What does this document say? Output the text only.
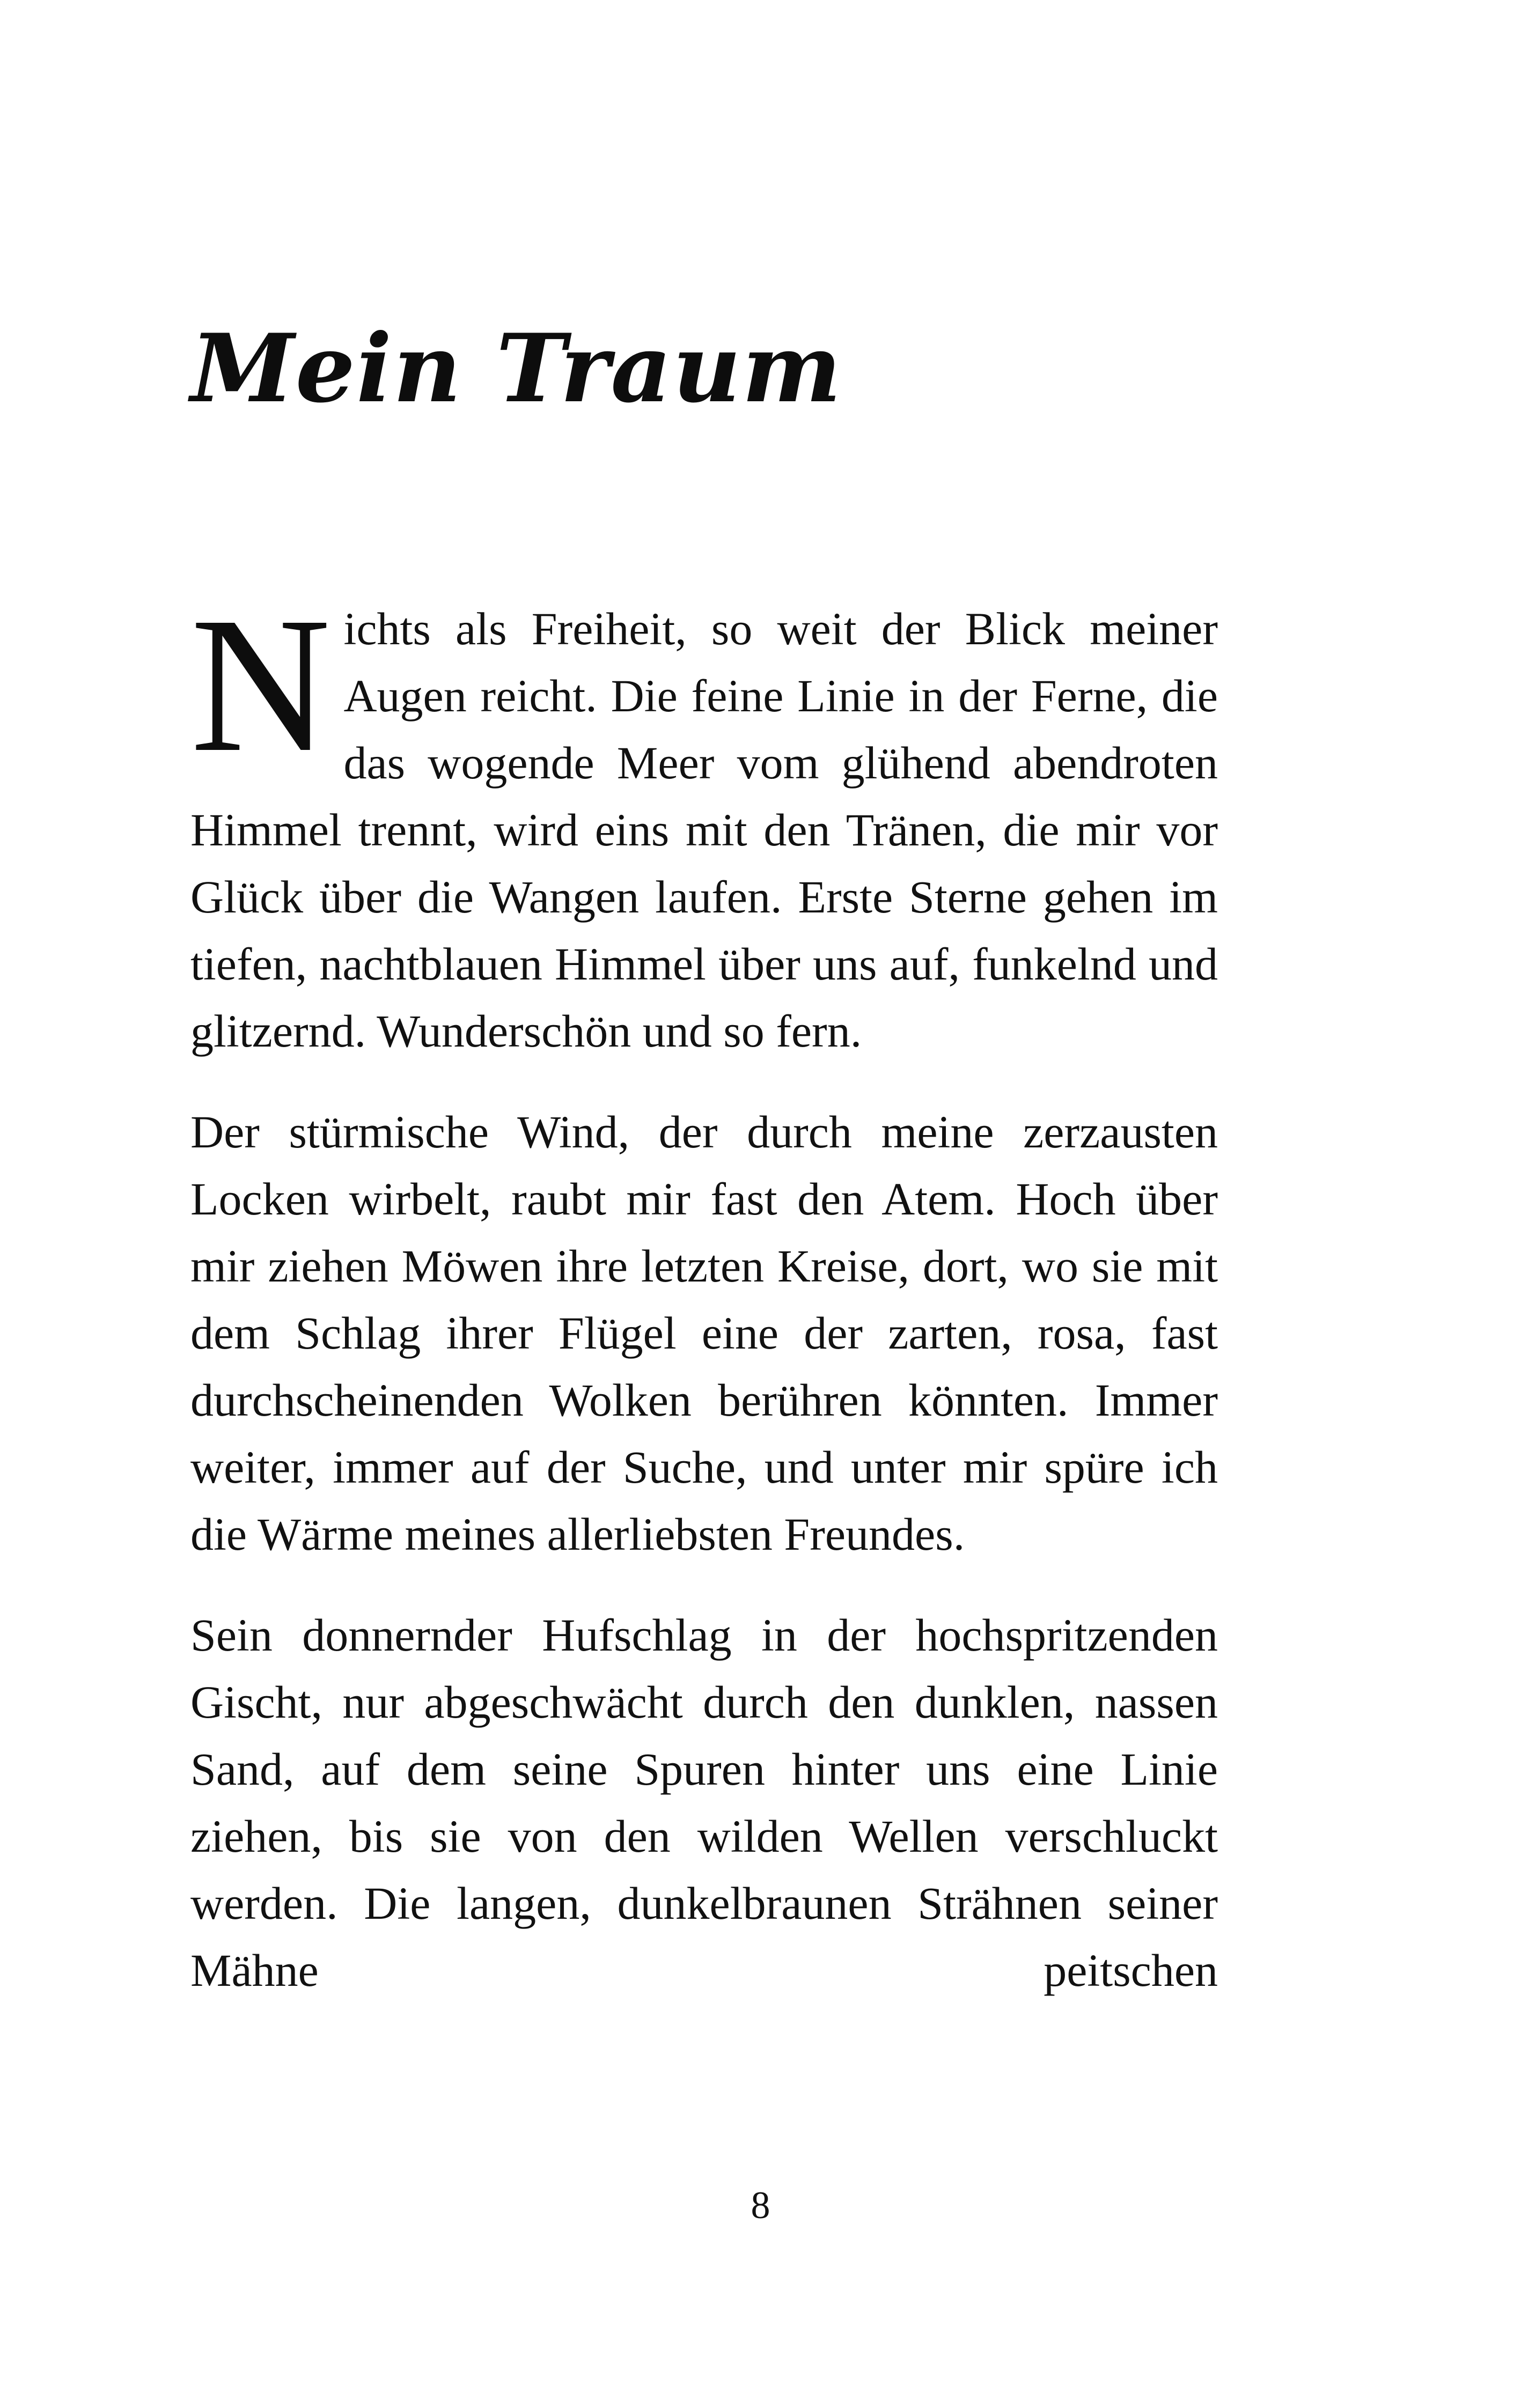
Mein Traum

Nichts als Freiheit, so weit der Blick meiner Augen reicht. Die feine Linie in der Ferne, die das wogende Meer vom glühend abendroten Himmel trennt, wird eins mit den Tränen, die mir vor Glück über die Wangen laufen. Erste Sterne gehen im tiefen, nachtblauen Himmel über uns auf, funkelnd und glitzernd. Wunderschön und so fern.

Der stürmische Wind, der durch meine zerzausten Locken wirbelt, raubt mir fast den Atem. Hoch über mir ziehen Möwen ihre letzten Kreise, dort, wo sie mit dem Schlag ihrer Flügel eine der zarten, rosa, fast durchscheinenden Wolken berühren könnten. Immer weiter, immer auf der Suche, und unter mir spüre ich die Wärme meines allerliebsten Freundes.

Sein donnernder Hufschlag in der hochspritzenden Gischt, nur abgeschwächt durch den dunklen, nassen Sand, auf dem seine Spuren hinter uns eine Linie ziehen, bis sie von den wilden Wellen verschluckt werden. Die langen, dunkelbraunen Strähnen seiner Mähne peitschen

8
